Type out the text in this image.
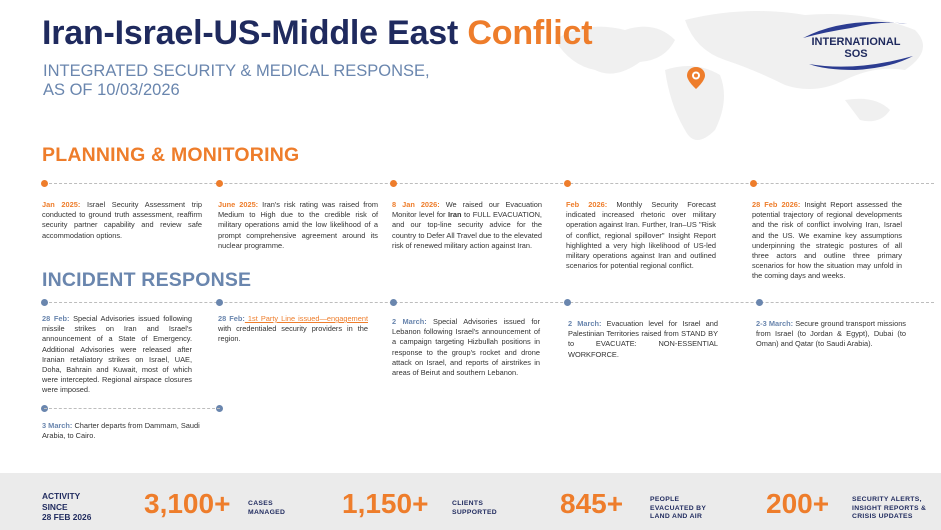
Iran-Israel-US-Middle East Conflict
INTEGRATED SECURITY & MEDICAL RESPONSE,
AS OF 10/03/2026
INTERNATIONAL
SOS
PLANNING & MONITORING
Jan 2025: Israel Security Assessment trip conducted to ground truth assessment, reaffirm security partner capability and review safe accommodation options.
June 2025: Iran's risk rating was raised from Medium to High due to the credible risk of military operations amid the low likelihood of a prompt comprehensive agreement around its nuclear programme.
8 Jan 2026: We raised our Evacuation Monitor level for Iran to FULL EVACUATION, and our top-line security advice for the country to Defer All Travel due to the elevated risk of renewed military action against Iran.
Feb 2026: Monthly Security Forecast indicated increased rhetoric over military operation against Iran. Further, Iran–US "Risk of conflict, regional spillover" Insight Report highlighted a very high likelihood of US-led military operations against Iran and outlined scenarios for potential regional conflict.
28 Feb 2026: Insight Report assessed the potential trajectory of regional developments and the risk of conflict involving Iran, Israel and the US. We examine key assumptions underpinning the strategic postures of all three actors and outline three primary scenarios for how the situation may unfold in the coming days and weeks.
INCIDENT RESPONSE
28 Feb: Special Advisories issued following missile strikes on Iran and Israel's announcement of a State of Emergency. Additional Advisories were released after Iranian retaliatory strikes on Israel, UAE, Doha, Bahrain and Kuwait, most of which were intercepted. Regional airspace closures were imposed.
28 Feb: 1st Party Line issued—engagement with credentialed security providers in the region.
2 March: Special Advisories issued for Lebanon following Israel's announcement of a campaign targeting Hizbullah positions in response to the group's rocket and drone attack on Israel, and reports of airstrikes in areas of Beirut and southern Lebanon.
2 March: Evacuation level for Israel and Palestinian Territories raised from STAND BY to EVACUATE: NON-ESSENTIAL WORKFORCE.
2-3 March: Secure ground transport missions from Israel (to Jordan & Egypt), Dubai (to Oman) and Qatar (to Saudi Arabia).
3 March: Charter departs from Dammam, Saudi Arabia, to Cairo.
ACTIVITY
SINCE
28 FEB 2026	3,100+	CASES
MANAGED 1,150+	CLIENTS
SUPPORTED 845+	PEOPLE
EVACUATED BY
LAND AND AIR 200+	SECURITY ALERTS,
INSIGHT REPORTS &
CRISIS UPDATES
